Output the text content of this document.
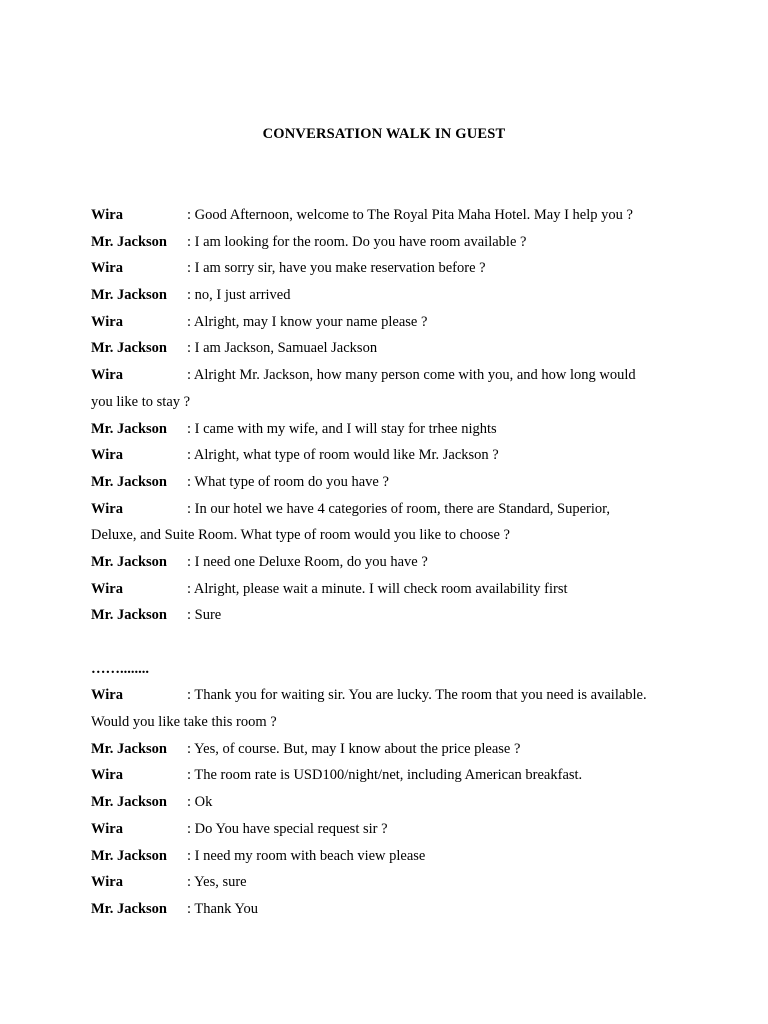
CONVERSATION WALK IN GUEST
Wira	: Good Afternoon, welcome to The Royal Pita Maha Hotel. May I help you ?
Mr. Jackson : I am looking for the room. Do you have room available ?
Wira	: I am sorry sir, have you make reservation before ?
Mr. Jackson : no, I just arrived
Wira	: Alright, may I know your name please ?
Mr. Jackson : I am Jackson, Samuael Jackson
Wira	: Alright Mr. Jackson, how many person come with you, and how long would
you like to stay ?
Mr. Jackson : I came with my wife, and I will stay for trhee nights
Wira	: Alright, what type of room would like Mr. Jackson ?
Mr. Jackson : What type of room do you have ?
Wira	: In our hotel we have 4 categories of room, there are Standard, Superior,
Deluxe, and Suite Room. What type of room would you like to choose ?
Mr. Jackson : I need one Deluxe Room, do you have ?
Wira	: Alright, please wait a minute. I will check room availability first
Mr. Jackson : Sure
……........
Wira	: Thank you for waiting sir. You are lucky. The room that you need is available.
Would you like take this room ?
Mr. Jackson : Yes, of course. But, may I know about the price please ?
Wira	: The room rate is USD100/night/net, including American breakfast.
Mr. Jackson : Ok
Wira	: Do You have special request sir ?
Mr. Jackson : I need my room with beach view please
Wira	: Yes, sure
Mr. Jackson : Thank You
